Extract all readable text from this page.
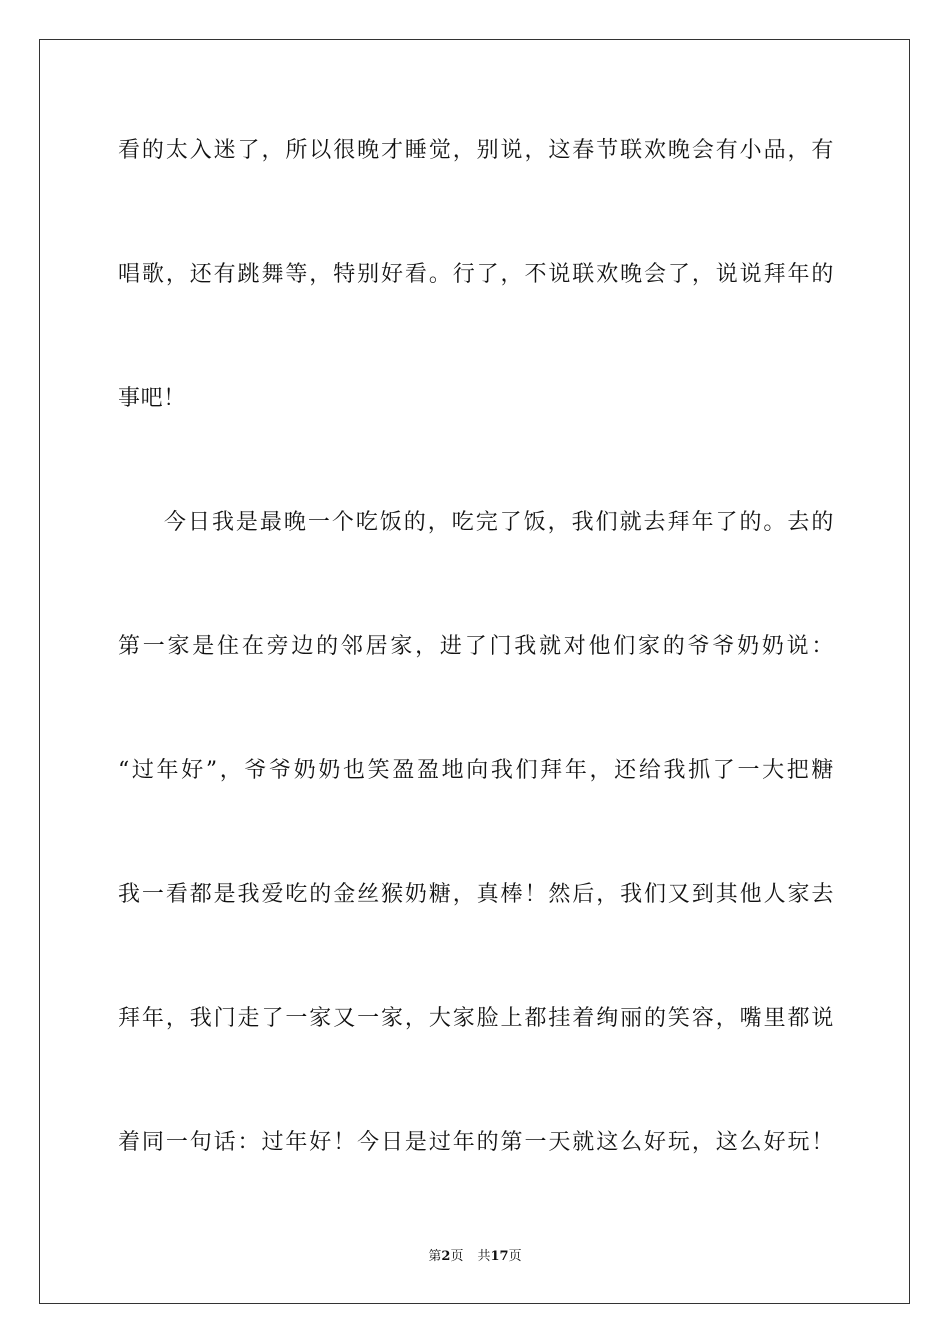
看的太入迷了，所以很晚才睡觉，别说，这春节联欢晚会有小品，有
唱歌，还有跳舞等，特别好看。行了，不说联欢晚会了，说说拜年的
事吧！
今日我是最晚一个吃饭的，吃完了饭，我们就去拜年了的。去的
第一家是住在旁边的邻居家，进了门我就对他们家的爷爷奶奶说：
“过年好”，爷爷奶奶也笑盈盈地向我们拜年，还给我抓了一大把糖
我一看都是我爱吃的金丝猴奶糖，真棒！然后，我们又到其他人家去
拜年，我门走了一家又一家，大家脸上都挂着绚丽的笑容，嘴里都说
着同一句话：过年好！今日是过年的第一天就这么好玩，这么好玩！
第2页 共17页
